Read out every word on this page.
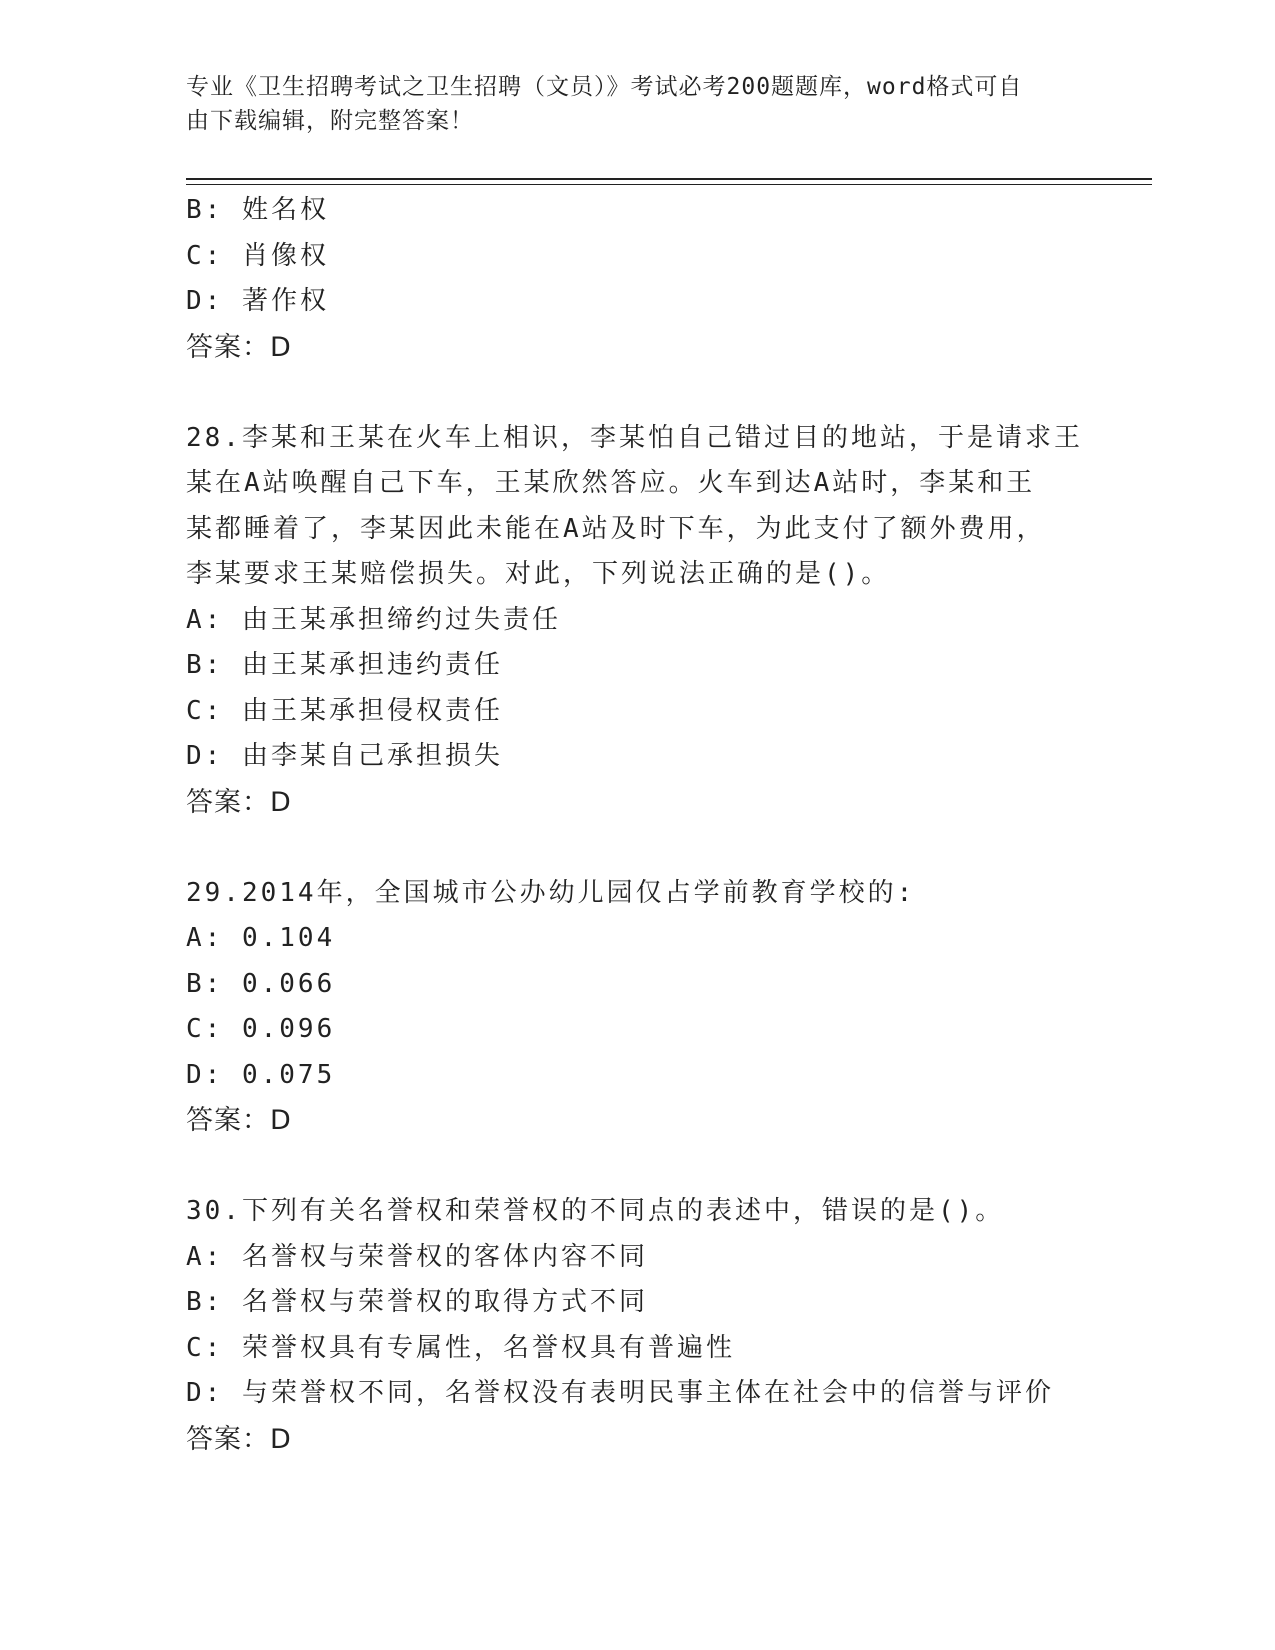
专业《卫生招聘考试之卫生招聘（文员）》考试必考200题题库，word格式可自
由下载编辑，附完整答案！
B: 姓名权
C: 肖像权
D: 著作权
答案：D
28.李某和王某在火车上相识，李某怕自己错过目的地站，于是请求王
某在A站唤醒自己下车，王某欣然答应。火车到达A站时，李某和王
某都睡着了，李某因此未能在A站及时下车，为此支付了额外费用，
李某要求王某赔偿损失。对此，下列说法正确的是()。
A: 由王某承担缔约过失责任
B: 由王某承担违约责任
C: 由王某承担侵权责任
D: 由李某自己承担损失
答案：D
29.2014年，全国城市公办幼儿园仅占学前教育学校的:
A: 0.104
B: 0.066
C: 0.096
D: 0.075
答案：D
30.下列有关名誉权和荣誉权的不同点的表述中，错误的是()。
A: 名誉权与荣誉权的客体内容不同
B: 名誉权与荣誉权的取得方式不同
C: 荣誉权具有专属性，名誉权具有普遍性
D: 与荣誉权不同，名誉权没有表明民事主体在社会中的信誉与评价
答案：D
